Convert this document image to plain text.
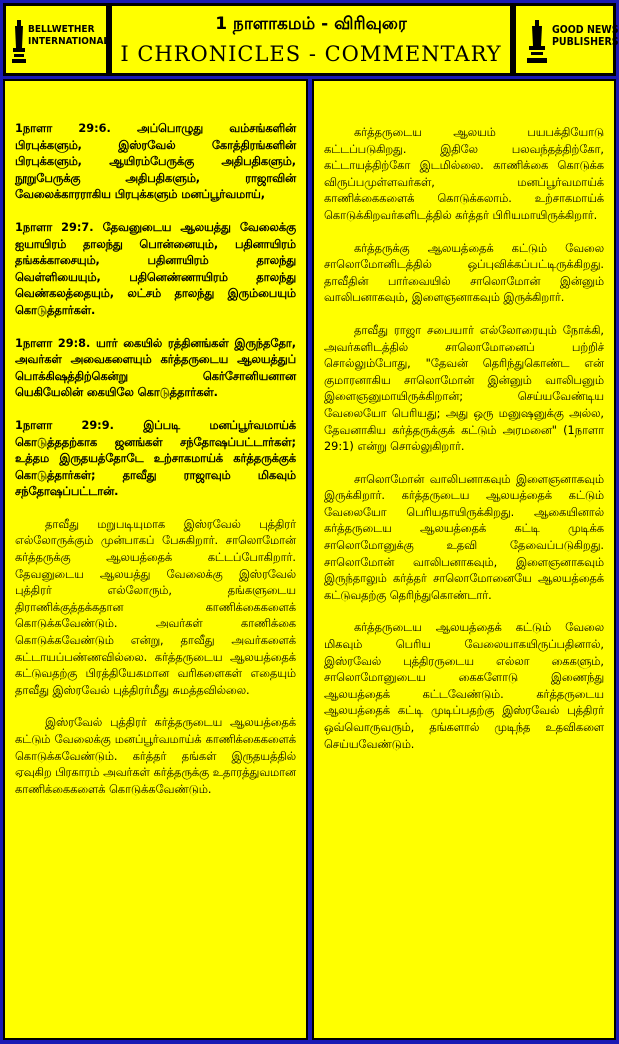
BELLWETHER
INTERNATIONAL
1 நாளாகமம் - விரிவுரை
I CHRONICLES - COMMENTARY
GOOD NEWS
PUBLISHERS

1நாளா 29:6. அப்பொழுது வம்சங்களின் பிரபுக்களும், இஸ்ரவேல் கோத்திரங்களின் பிரபுக்களும், ஆயிரம்பேருக்கு அதிபதிகளும், நூறுபேருக்கு அதிபதிகளும், ராஜாவின் வேலைக்காரராகிய பிரபுக்களும் மனப்பூர்வமாய்,

1நாளா 29:7. தேவனுடைய ஆலயத்து வேலைக்கு ஐயாயிரம் தாலந்து பொன்னையும், பதினாயிரம் தங்கக்காசையும், பதினாயிரம் தாலந்து வெள்ளியையும், பதினெண்ணாயிரம் தாலந்து வெண்கலத்தையும், லட்சம் தாலந்து இரும்பையும் கொடுத்தார்கள்.

1நாளா 29:8. யார் கையில் ரத்தினங்கள் இருந்ததோ, அவர்கள் அவைகளையும் கர்த்தருடைய ஆலயத்துப் பொக்கிஷத்திற்கென்று கெர்சோனியனான யெகியேலின் கையிலே கொடுத்தார்கள்.

1நாளா 29:9. இப்படி மனப்பூர்வமாய்க் கொடுத்ததற்காக ஜனங்கள் சந்தோஷப்பட்டார்கள்; உத்தம இருதயத்தோடே உற்சாகமாய்க் கர்த்தருக்குக் கொடுத்தார்கள்; தாவீது ராஜாவும் மிகவும் சந்தோஷப்பட்டான்.

தாவீது மறுபடியுமாக இஸ்ரவேல் புத்திரர் எல்லோருக்கும் முன்பாகப் பேசுகிறார். சாலொமோன் கர்த்தருக்கு ஆலயத்தைக் கட்டப்போகிறார். தேவனுடைய ஆலயத்து வேலைக்கு இஸ்ரவேல் புத்திரர் எல்லோரும், தங்களுடைய திராணிக்குத்தக்கதான காணிக்கைகளைக் கொடுக்கவேண்டும். அவர்கள் காணிக்கை கொடுக்கவேண்டும் என்று, தாவீது அவர்களைக் கட்டாயப்பண்ணவில்லை. கர்த்தருடைய ஆலயத்தைக் கட்டுவதற்கு பிரத்தியேகமான வரிகளைகள் எதையும் தாவீது இஸ்ரவேல் புத்திரர்மீது சுமத்தவில்லை.

இஸ்ரவேல் புத்திரர் கர்த்தருடைய ஆலயத்தைக் கட்டும் வேலைக்கு மனப்பூர்வமாய்க் காணிக்கைகளைக் கொடுக்கவேண்டும். கர்த்தர் தங்கள் இருதயத்தில் ஏவுகிற பிரகாரம் அவர்கள் கர்த்தருக்கு உதாரத்துவமான காணிக்கைகளைக் கொடுக்கவேண்டும்.

கர்த்தருடைய ஆலயம் பயபக்தியோடு கட்டப்படுகிறது. இதிலே பலவந்தத்திற்கோ, கட்டாயத்திற்கோ இடமில்லை. காணிக்கை கொடுக்க விருப்பமுள்ளவர்கள், மனப்பூர்வமாய்க் காணிக்கைகளைக் கொடுக்கலாம். உற்சாகமாய்க் கொடுக்கிறவர்களிடத்தில் கர்த்தர் பிரியமாயிருக்கிறார்.

கர்த்தருக்கு ஆலயத்தைக் கட்டும் வேலை சாலொமோனிடத்தில் ஒப்புவிக்கப்பட்டிருக்கிறது. தாவீதின் பார்வையில் சாலொமோன் இன்னும் வாலிபனாகவும், இளைஞனாகவும் இருக்கிறார்.

தாவீது ராஜா சபையார் எல்லோரையும் நோக்கி, அவர்களிடத்தில் சாலொமோனைப் பற்றிச் சொல்லும்போது, "தேவன் தெரிந்துகொண்ட என் குமாரனாகிய சாலொமோன் இன்னும் வாலிபனும் இளைஞனுமாயிருக்கிறான்; செய்யவேண்டிய வேலையோ பெரியது; அது ஒரு மனுஷனுக்கு அல்ல, தேவனாகிய கர்த்தருக்குக் கட்டும் அரமனை" (1நாளா 29:1) என்று சொல்லுகிறார்.

சாலொமோன் வாலிபனாகவும் இளைஞனாகவும் இருக்கிறார். கர்த்தருடைய ஆலயத்தைக் கட்டும் வேலையோ பெரியதாயிருக்கிறது. ஆகையினால் கர்த்தருடைய ஆலயத்தைக் கட்டி முடிக்க சாலொமோனுக்கு உதவி தேவைப்படுகிறது. சாலொமோன் வாலிபனாகவும், இளைஞனாகவும் இருந்தாலும் கர்த்தர் சாலொமோனையே ஆலயத்தைக் கட்டுவதற்கு தெரிந்துகொண்டார்.

கர்த்தருடைய ஆலயத்தைக் கட்டும் வேலை மிகவும் பெரிய வேலையாகயிருப்பதினால், இஸ்ரவேல் புத்திரருடைய எல்லா கைகளும், சாலொமோனுடைய கைகளோடு இணைந்து ஆலயத்தைக் கட்டவேண்டும். கர்த்தருடைய ஆலயத்தைக் கட்டி முடிப்பதற்கு இஸ்ரவேல் புத்திரர் ஒவ்வொருவரும், தங்களால் முடிந்த உதவிகளை செய்யவேண்டும்.
